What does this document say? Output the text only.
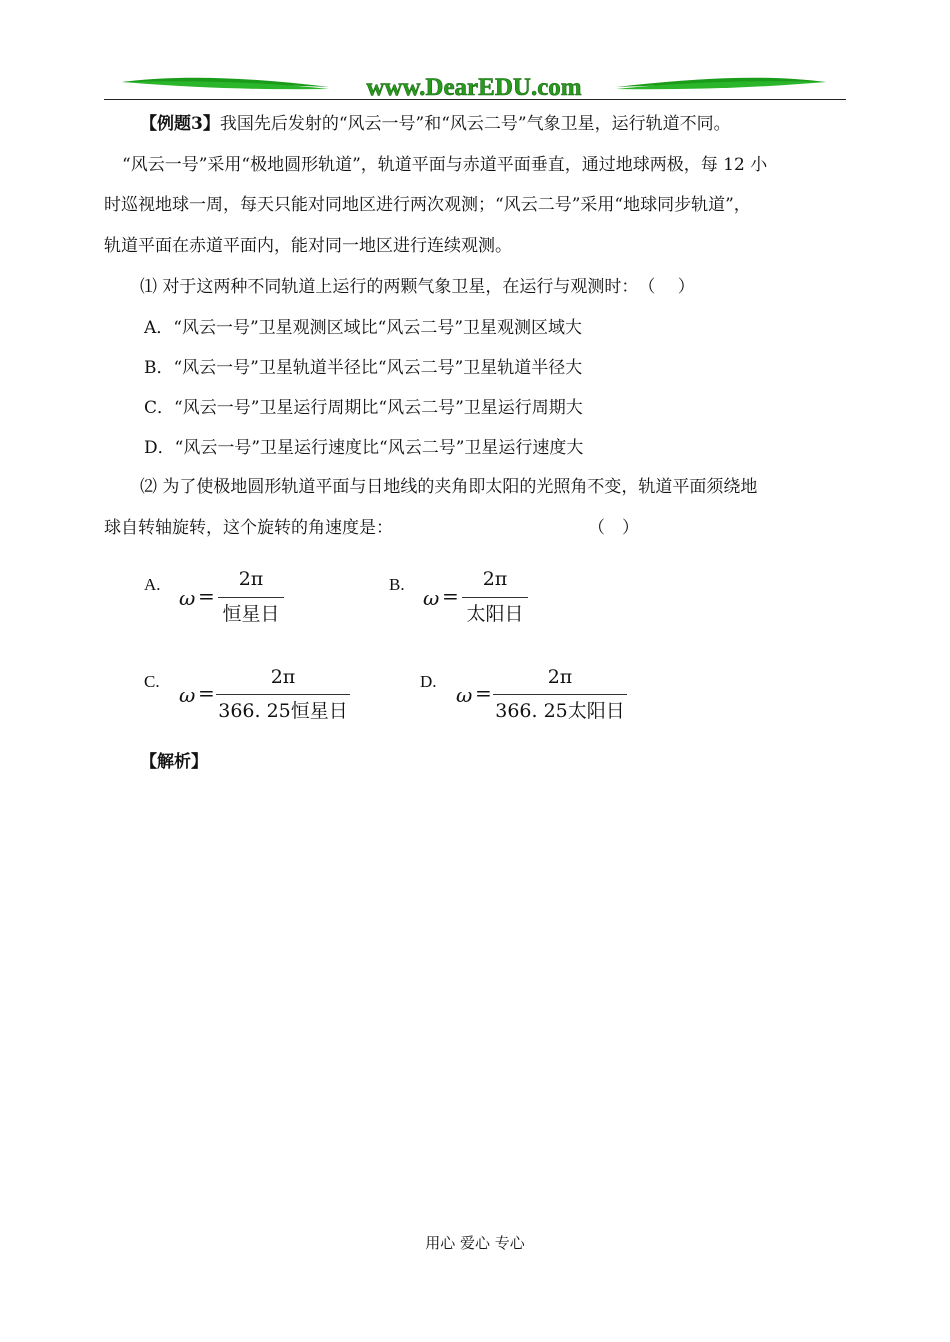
www.DearEDU.com
【例题3】我国先后发射的“风云一号”和“风云二号”气象卫星，运行轨道不同。
“风云一号”采用“极地圆形轨道”，轨道平面与赤道平面垂直，通过地球两极，每 12 小
时巡视地球一周，每天只能对同地区进行两次观测；“风云二号”采用“地球同步轨道”，
轨道平面在赤道平面内，能对同一地区进行连续观测。
⑴ 对于这两种不同轨道上运行的两颗气象卫星，在运行与观测时：　（　 ）
A．“风云一号”卫星观测区域比“风云二号”卫星观测区域大
B．“风云一号”卫星轨道半径比“风云二号”卫星轨道半径大
C．“风云一号”卫星运行周期比“风云二号”卫星运行周期大
D．“风云一号”卫星运行速度比“风云二号”卫星运行速度大
⑵ 为了使极地圆形轨道平面与日地线的夹角即太阳的光照角不变，轨道平面须绕地
球自转轴旋转，这个旋转的角速度是：	（　）
A.
ω =
2π
恒星日
B.
ω =
2π
太阳日
C.
ω =
2π
366. 25恒星日
D.
ω =
2π
366. 25太阳日
【解析】
用心 爱心 专心
